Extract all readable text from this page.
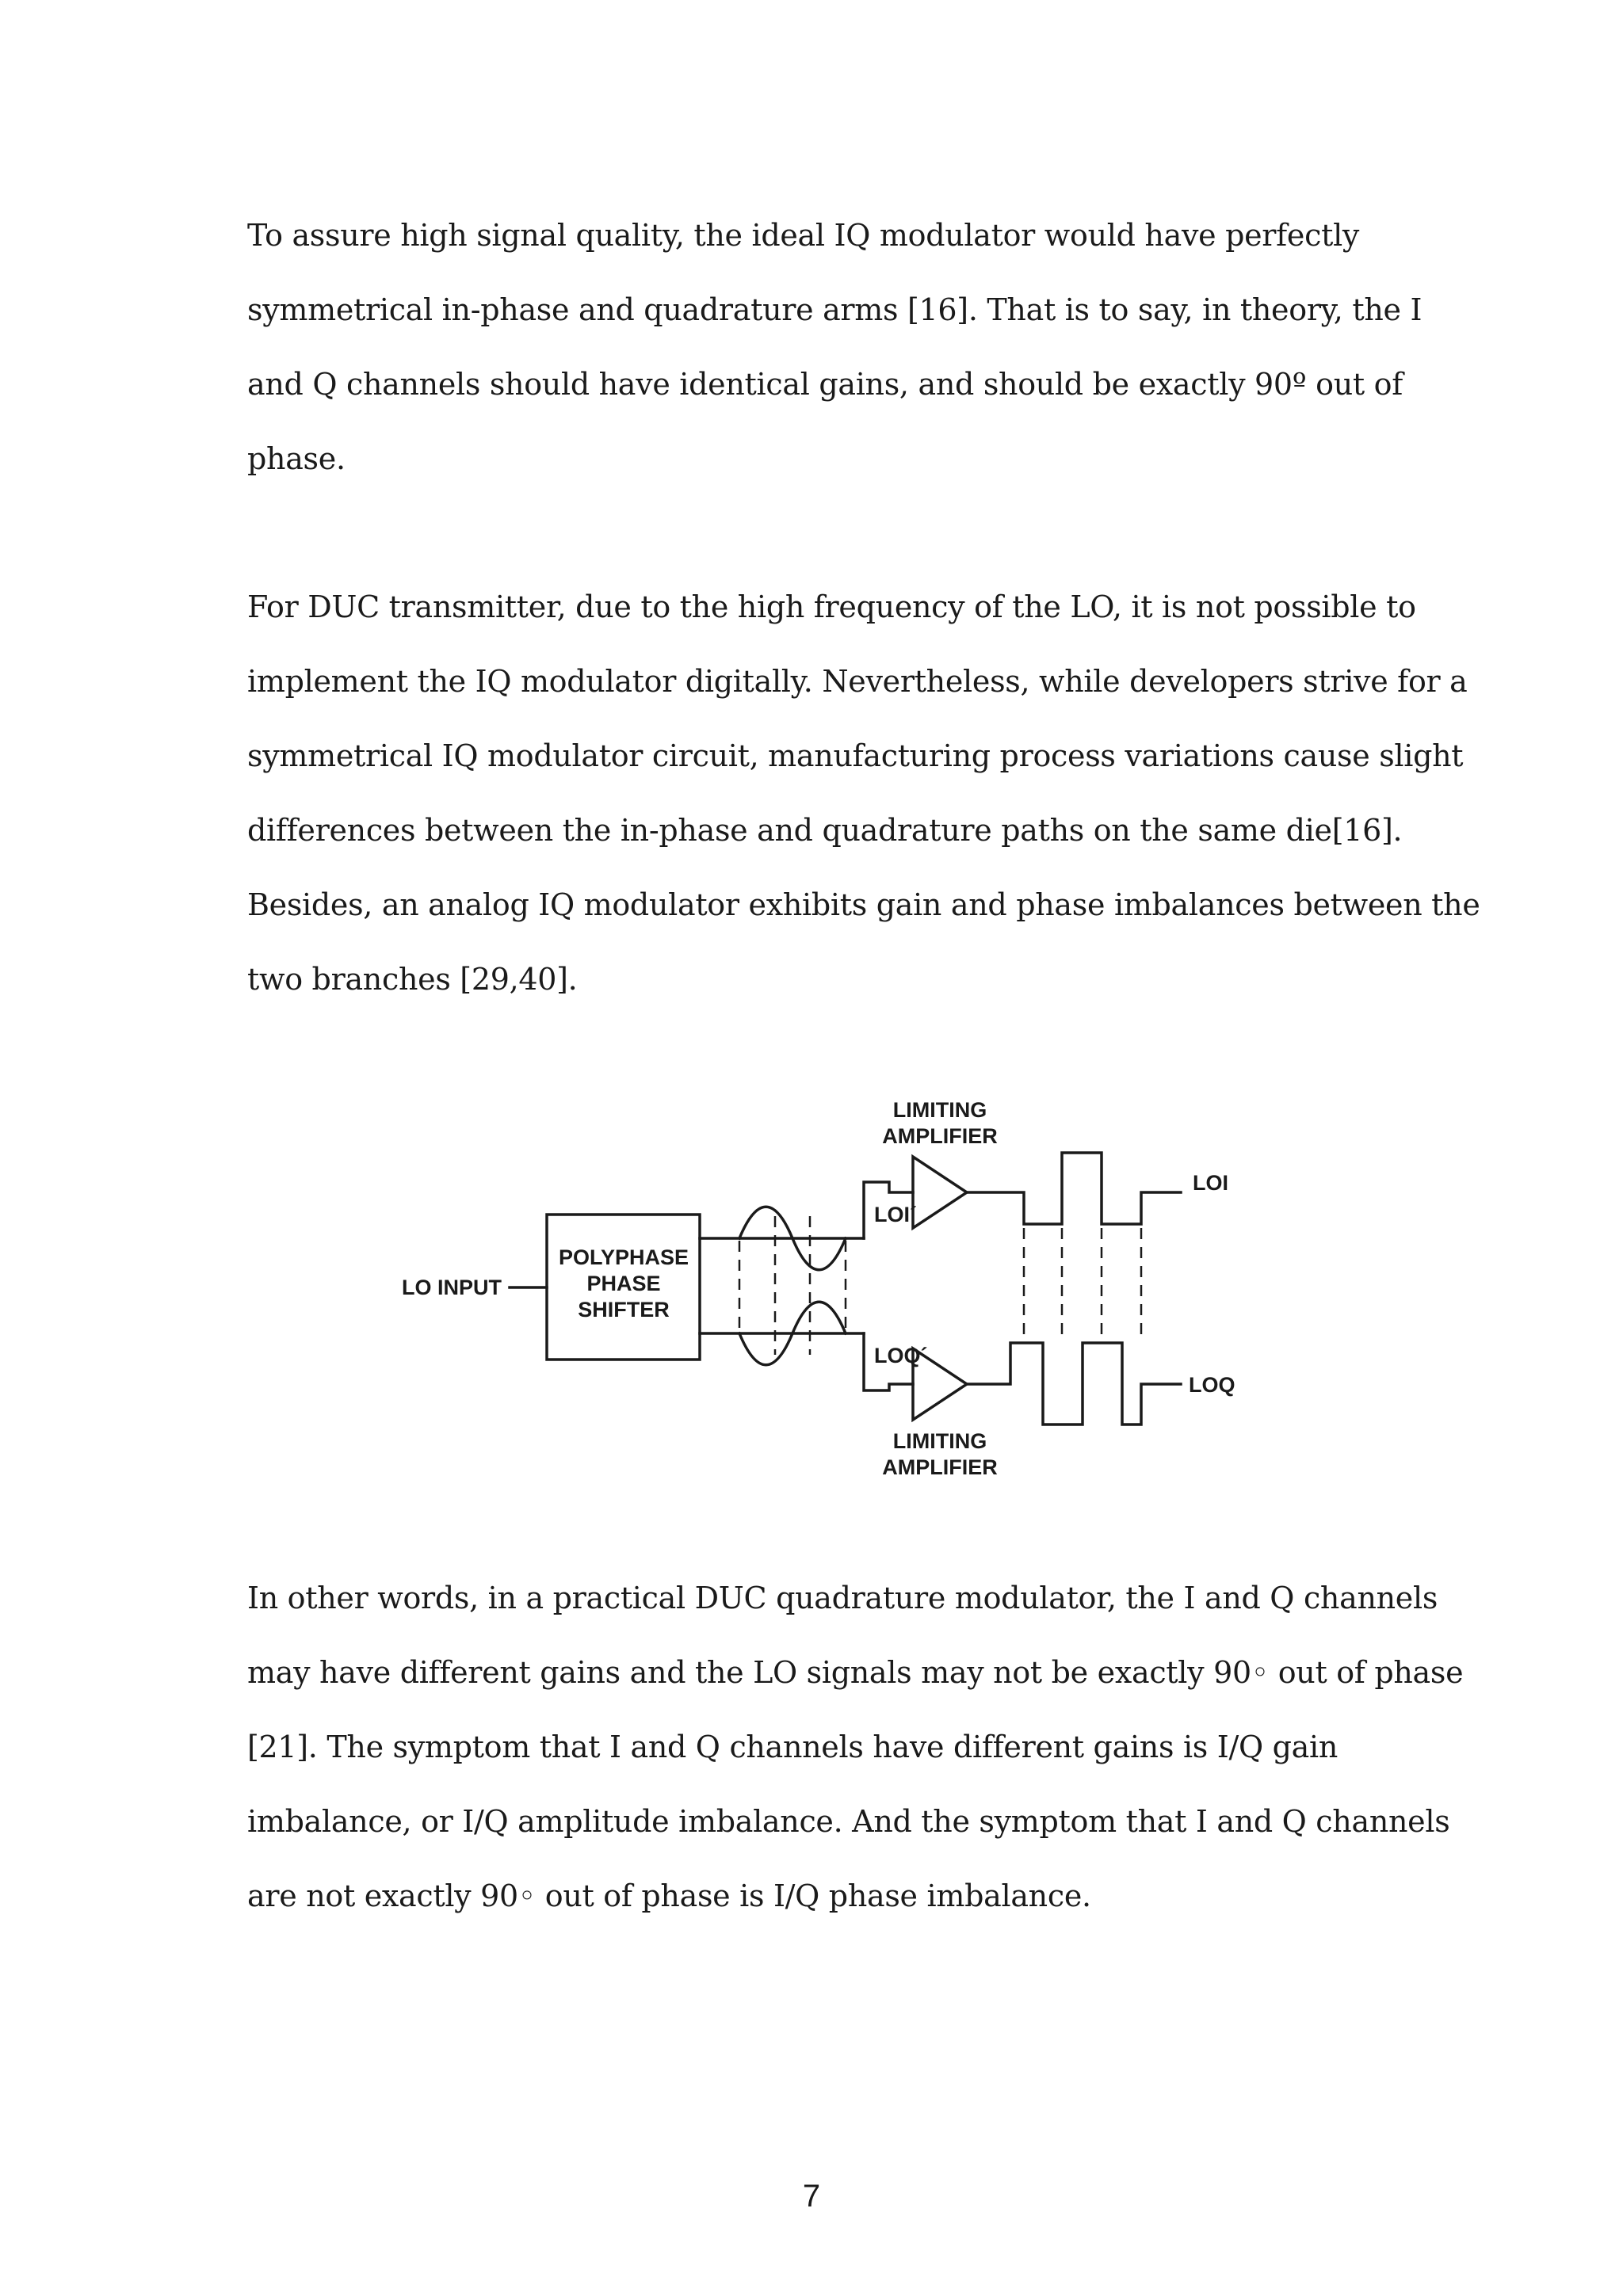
To assure high signal quality, the ideal IQ modulator would have perfectly
symmetrical in-phase and quadrature arms [16]. That is to say, in theory, the I
and Q channels should have identical gains, and should be exactly 90º out of
phase.

For DUC transmitter, due to the high frequency of the LO, it is not possible to
implement the IQ modulator digitally. Nevertheless, while developers strive for a
symmetrical IQ modulator circuit, manufacturing process variations cause slight
differences between the in-phase and quadrature paths on the same die[16].
Besides, an analog IQ modulator exhibits gain and phase imbalances between the
two branches [29,40].

LO INPUT
POLYPHASE
PHASE
SHIFTER
LIMITING
AMPLIFIER
LIMITING
AMPLIFIER
LOI´
LOQ´
LOI
LOQ

In other words, in a practical DUC quadrature modulator, the I and Q channels
may have different gains and the LO signals may not be exactly 90◦ out of phase
[21]. The symptom that I and Q channels have different gains is I/Q gain
imbalance, or I/Q amplitude imbalance. And the symptom that I and Q channels
are not exactly 90◦ out of phase is I/Q phase imbalance.

7
